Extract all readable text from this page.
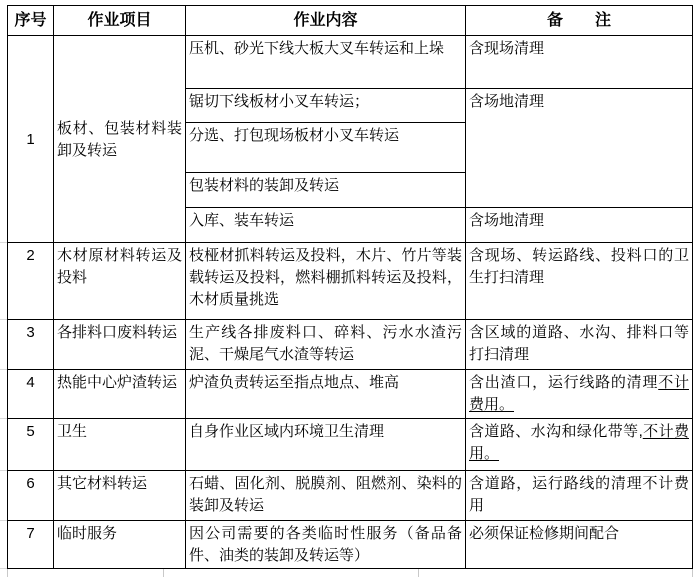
序号	作业项目	作业内容	备　　注
1	板材、包装材料装卸及转运	压机、砂光下线大板大叉车转运和上垛	含现场清理
		锯切下线板材小叉车转运；	含场地清理
		分选、打包现场板材小叉车转运	
		包装材料的装卸及转运	
		入库、装车转运	含场地清理
2	木材原材料转运及投料	枝桠材抓料转运及投料，木片、竹片等装载转运及投料，燃料棚抓料转运及投料，木材质量挑选	含现场、转运路线、投料口的卫生打扫清理
3	各排料口废料转运	生产线各排废料口、碎料、污水水渣污泥、干燥尾气水渣等转运	含区域的道路、水沟、排料口等打扫清理
4	热能中心炉渣转运	炉渣负责转运至指点地点、堆高	含出渣口，运行线路的清理不计费用。
5	卫生	自身作业区域内环境卫生清理	含道路、水沟和绿化带等,不计费用。
6	其它材料转运	石蜡、固化剂、脱膜剂、阻燃剂、染料的装卸及转运	含道路，运行路线的清理不计费用
7	临时服务	因公司需要的各类临时性服务（备品备件、油类的装卸及转运等）	必须保证检修期间配合
